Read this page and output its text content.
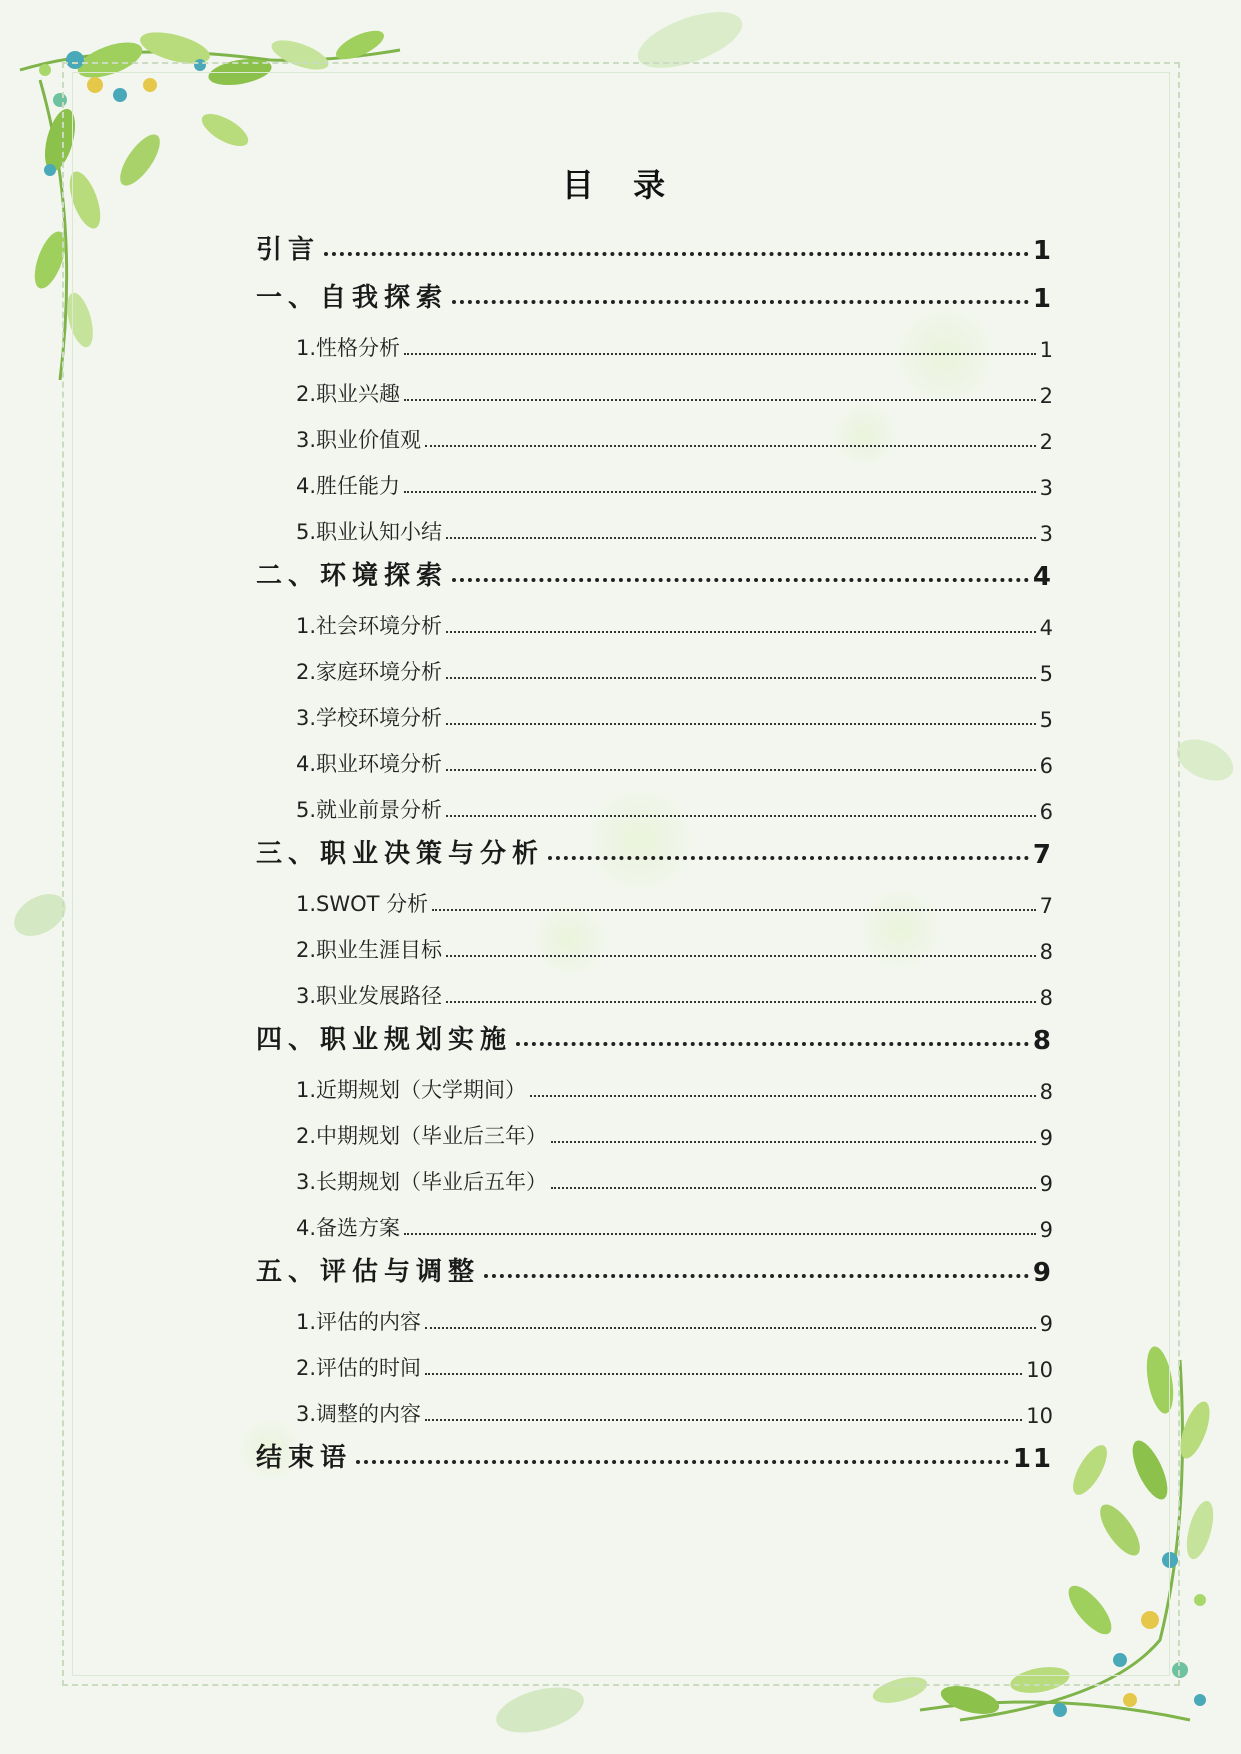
目 录
引言	1
一、自我探索	1
1.性格分析	1
2.职业兴趣	2
3.职业价值观	2
4.胜任能力	3
5.职业认知小结	3
二、环境探索	4
1.社会环境分析	4
2.家庭环境分析	5
3.学校环境分析	5
4.职业环境分析	6
5.就业前景分析	6
三、职业决策与分析	7
1.SWOT 分析	7
2.职业生涯目标	8
3.职业发展路径	8
四、职业规划实施	8
1.近期规划（大学期间）	8
2.中期规划（毕业后三年）	9
3.长期规划（毕业后五年）	9
4.备选方案	9
五、评估与调整	9
1.评估的内容	9
2.评估的时间	10
3.调整的内容	10
结束语	11
